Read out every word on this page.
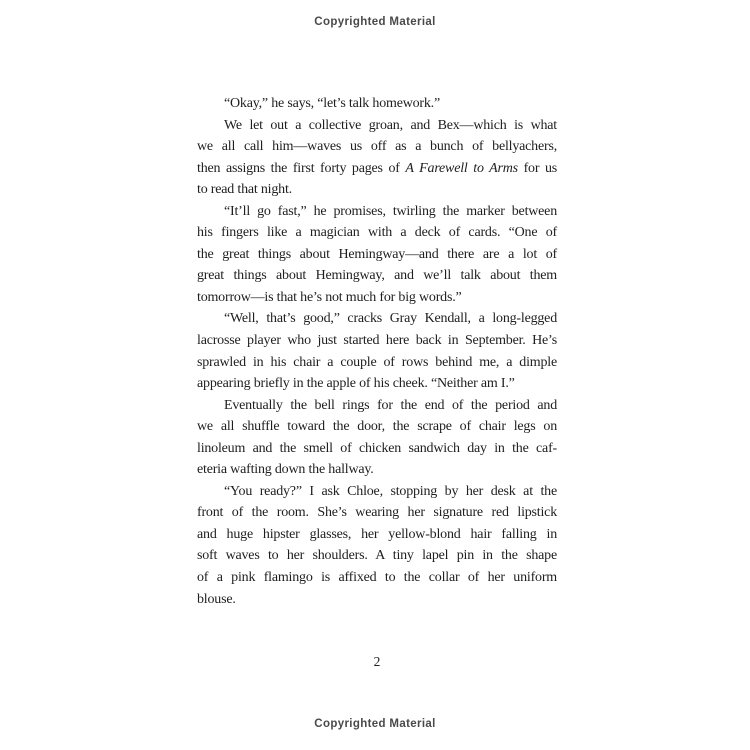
Copyrighted Material
“Okay,” he says, “let’s talk homework.”
We let out a collective groan, and Bex—which is what
we all call him—waves us off as a bunch of bellyachers,
then assigns the first forty pages of A Farewell to Arms for us
to read that night.
“It’ll go fast,” he promises, twirling the marker between
his fingers like a magician with a deck of cards. “One of
the great things about Hemingway—and there are a lot of
great things about Hemingway, and we’ll talk about them
tomorrow—is that he’s not much for big words.”
“Well, that’s good,” cracks Gray Kendall, a long-legged
lacrosse player who just started here back in September. He’s
sprawled in his chair a couple of rows behind me, a dimple
appearing briefly in the apple of his cheek. “Neither am I.”
Eventually the bell rings for the end of the period and
we all shuffle toward the door, the scrape of chair legs on
linoleum and the smell of chicken sandwich day in the caf-
eteria wafting down the hallway.
“You ready?” I ask Chloe, stopping by her desk at the
front of the room. She’s wearing her signature red lipstick
and huge hipster glasses, her yellow-blond hair falling in
soft waves to her shoulders. A tiny lapel pin in the shape
of a pink flamingo is affixed to the collar of her uniform
blouse.
2
Copyrighted Material
